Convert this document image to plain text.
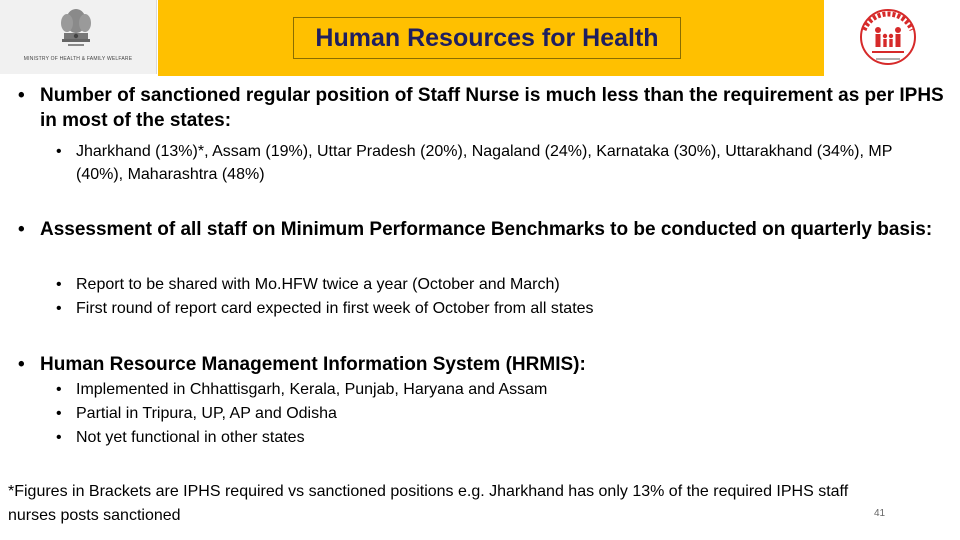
MINISTRY OF HEALTH & FAMILY WELFARE
Human Resources for Health
• Number of sanctioned regular position of Staff Nurse is much less than the requirement as per IPHS in most of the states:
• Jharkhand (13%)*, Assam (19%), Uttar Pradesh (20%), Nagaland (24%), Karnataka (30%), Uttarakhand (34%), MP (40%), Maharashtra (48%)
• Assessment of all staff on Minimum Performance Benchmarks to be conducted on quarterly basis:
• Report to be shared with Mo.HFW twice a year (October and March)
• First round of report card expected in first week of October from all states
• Human Resource Management Information System (HRMIS):
• Implemented in Chhattisgarh, Kerala, Punjab, Haryana and Assam
• Partial in Tripura, UP, AP and Odisha
• Not yet functional in other states
*Figures in Brackets are IPHS required vs sanctioned positions e.g. Jharkhand has only 13% of the required IPHS staff
nurses posts sanctioned	41
